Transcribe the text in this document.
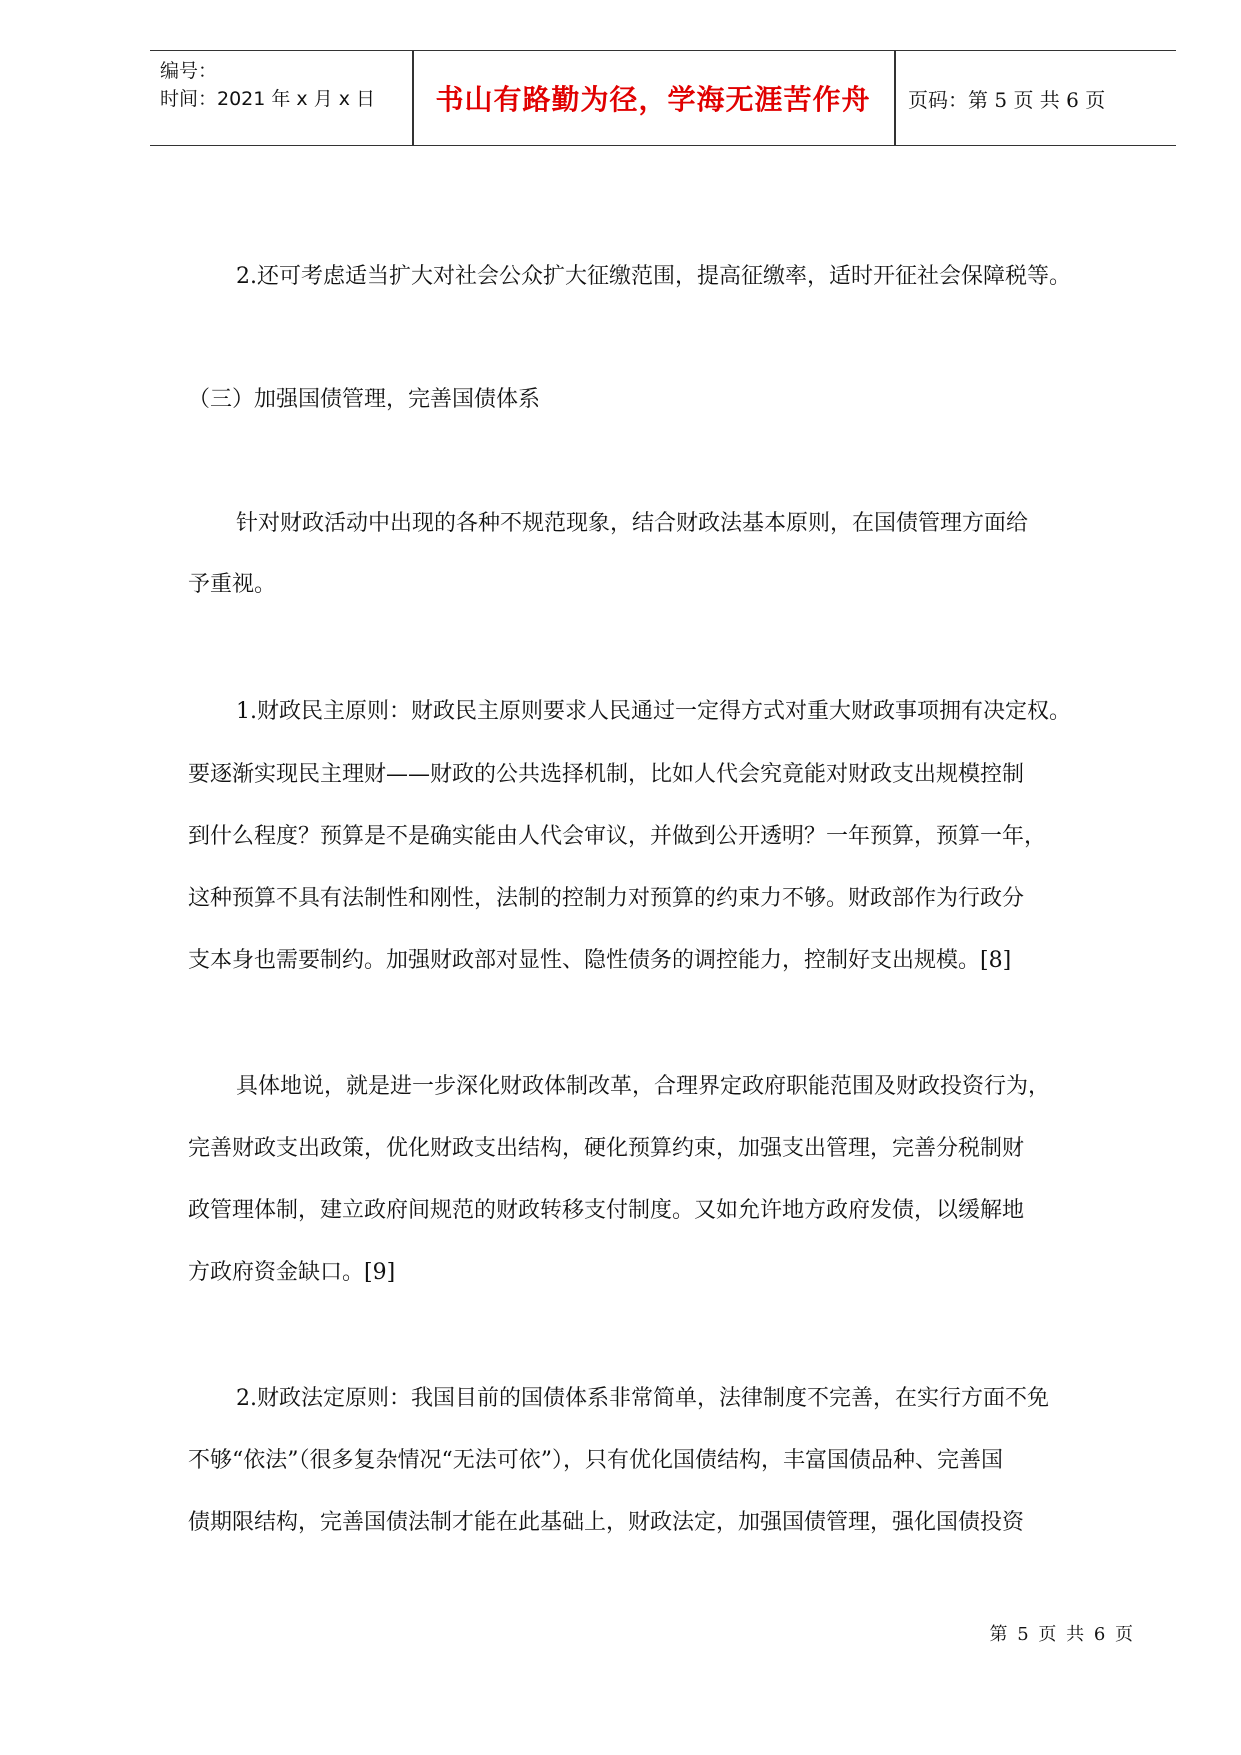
编号：
时间：2021 年 x 月 x 日	书山有路勤为径，学海无涯苦作舟	页码：第 5 页 共 6 页
2.还可考虑适当扩大对社会公众扩大征缴范围，提高征缴率，适时开征社会保障税等。
（三）加强国债管理，完善国债体系
针对财政活动中出现的各种不规范现象，结合财政法基本原则，在国债管理方面给
予重视。
1.财政民主原则：财政民主原则要求人民通过一定得方式对重大财政事项拥有决定权。
要逐渐实现民主理财——财政的公共选择机制，比如人代会究竟能对财政支出规模控制
到什么程度？预算是不是确实能由人代会审议，并做到公开透明？一年预算，预算一年，
这种预算不具有法制性和刚性，法制的控制力对预算的约束力不够。财政部作为行政分
支本身也需要制约。加强财政部对显性、隐性债务的调控能力，控制好支出规模。[8]
具体地说，就是进一步深化财政体制改革，合理界定政府职能范围及财政投资行为，
完善财政支出政策，优化财政支出结构，硬化预算约束，加强支出管理，完善分税制财
政管理体制，建立政府间规范的财政转移支付制度。又如允许地方政府发债，以缓解地
方政府资金缺口。[9]
2.财政法定原则：我国目前的国债体系非常简单，法律制度不完善，在实行方面不免
不够“依法”（很多复杂情况“无法可依”），只有优化国债结构，丰富国债品种、完善国
债期限结构，完善国债法制才能在此基础上，财政法定，加强国债管理，强化国债投资
第 5 页 共 6 页
